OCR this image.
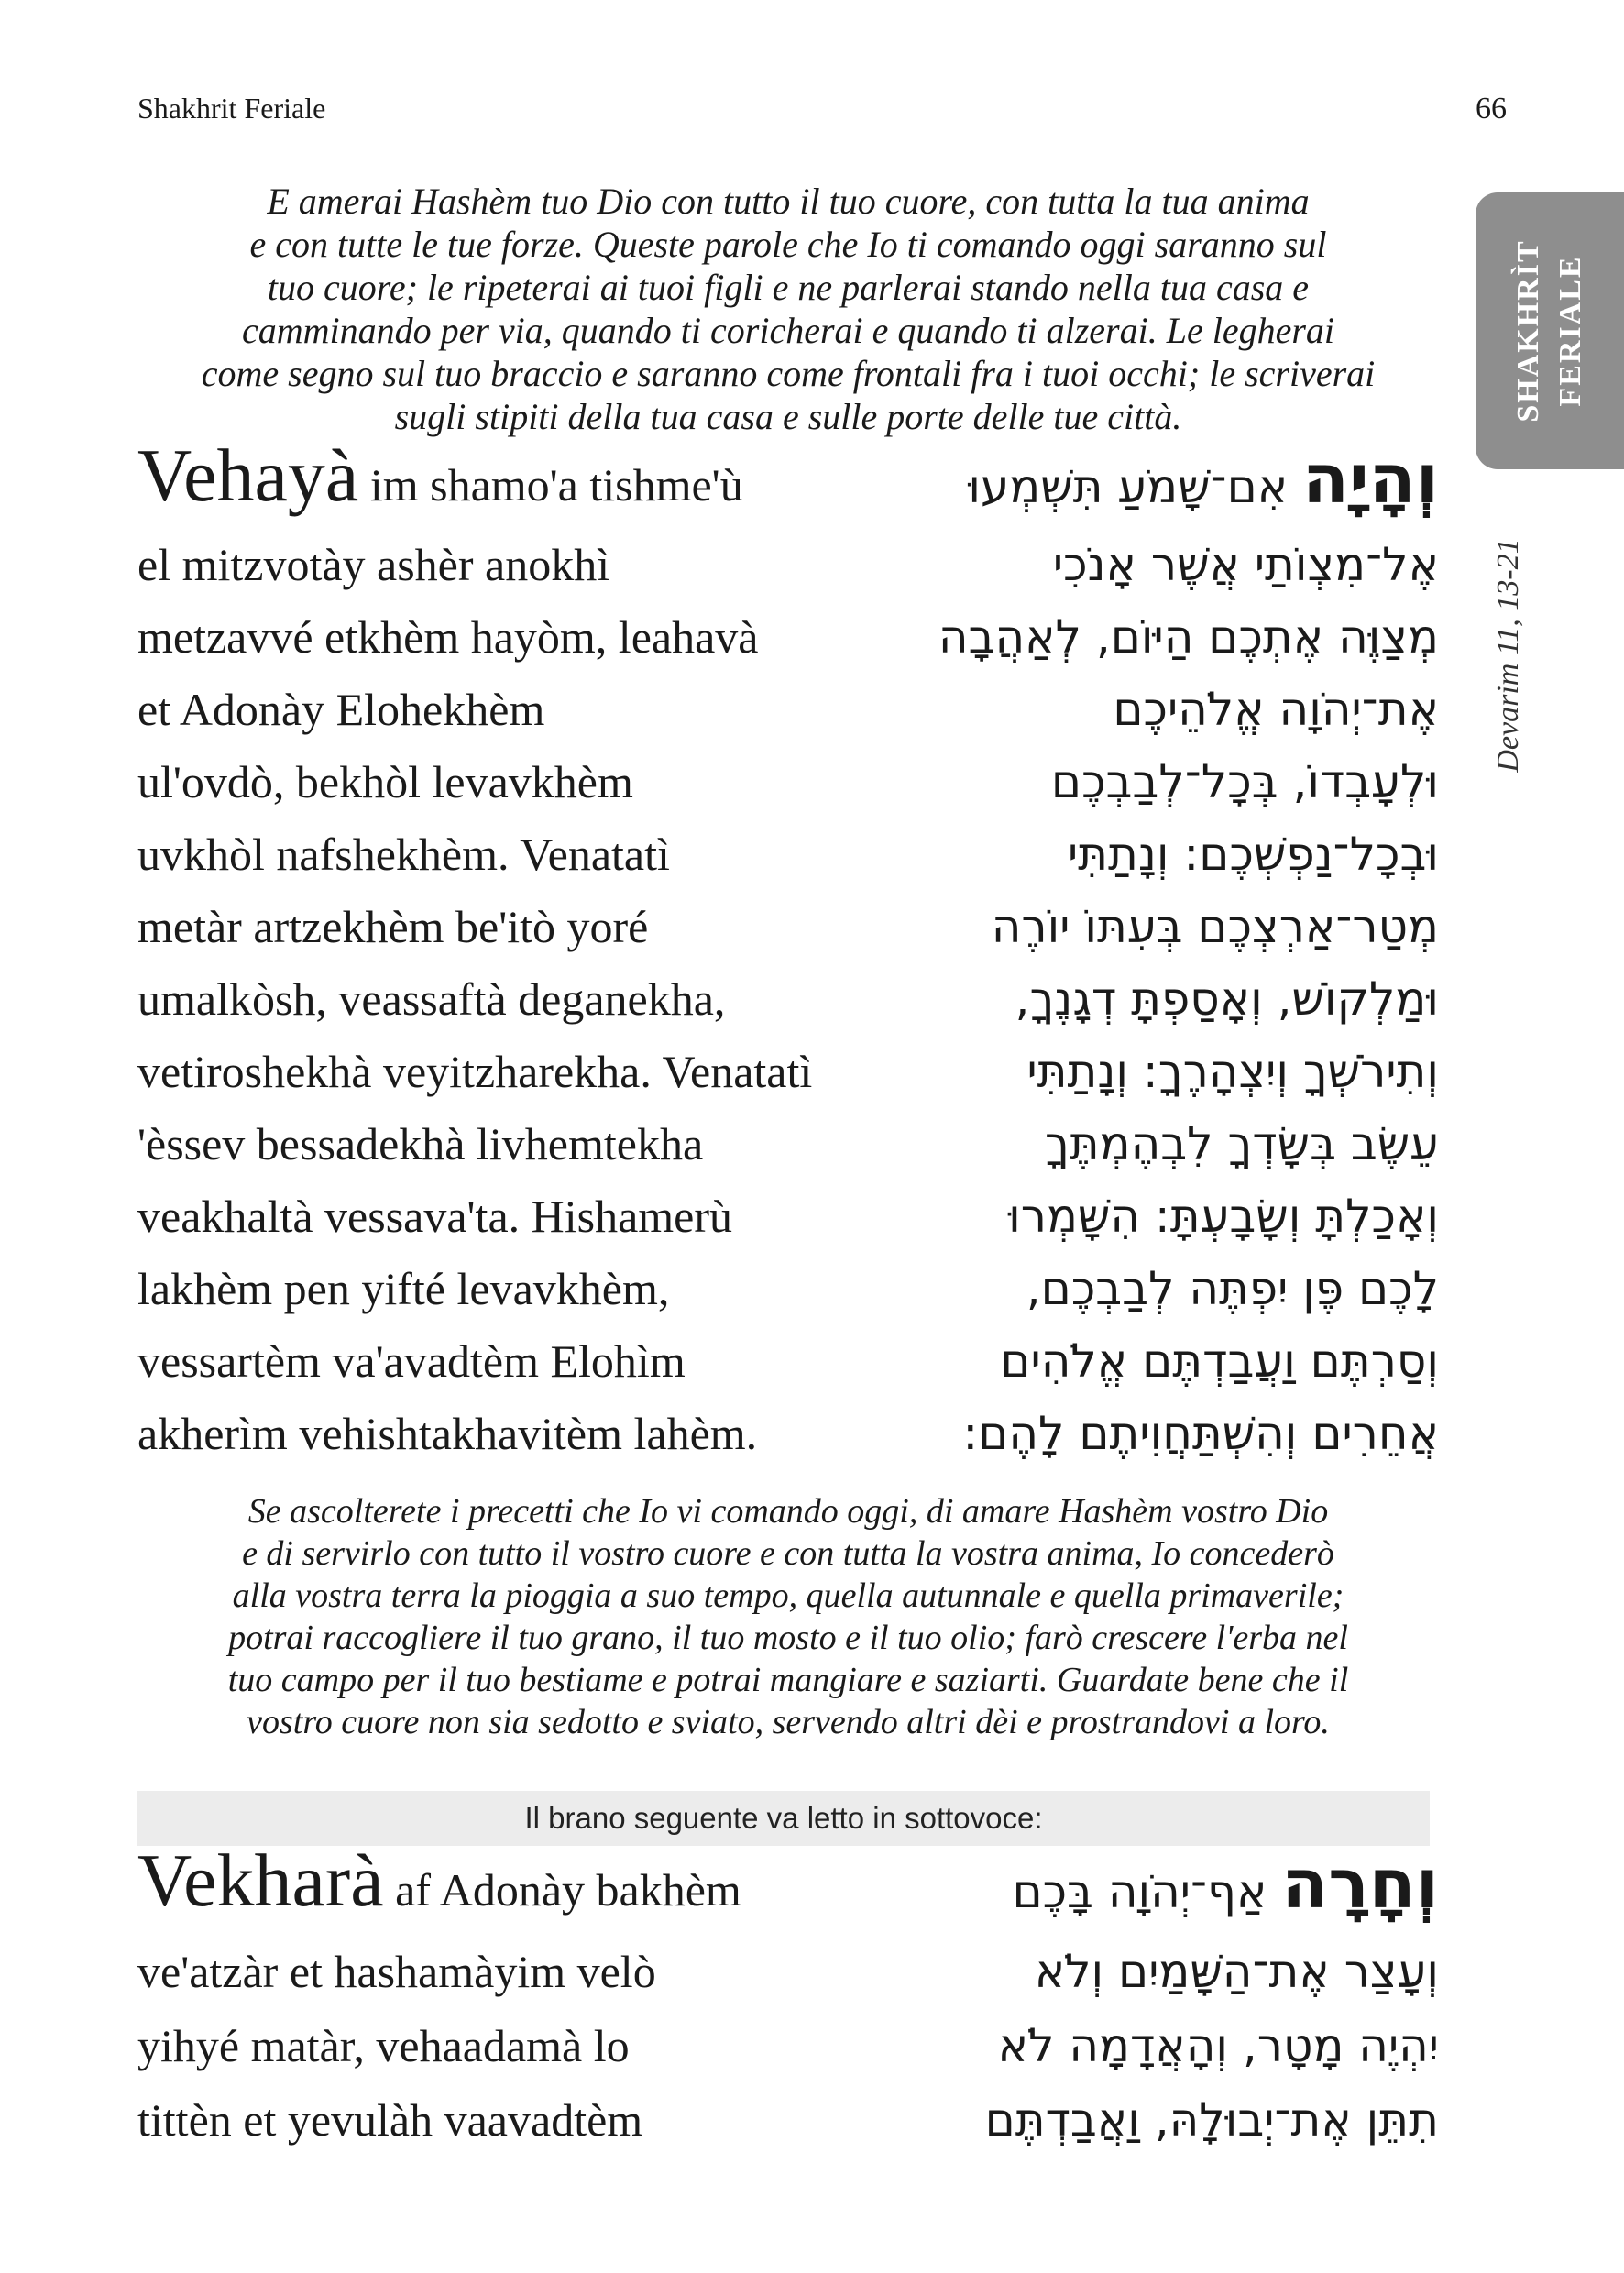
Shakhrit Feriale	66
SHAKHRÌT FERIALE
Devarim 11, 13-21
E amerai Hashèm tuo Dio con tutto il tuo cuore, con tutta la tua anima
e con tutte le tue forze. Queste parole che Io ti comando oggi saranno sul
tuo cuore; le ripeterai ai tuoi figli e ne parlerai stando nella tua casa e
camminando per via, quando ti coricherai e quando ti alzerai. Le legherai
come segno sul tuo braccio e saranno come frontali fra i tuoi occhi; le scriverai
sugli stipiti della tua casa e sulle porte delle tue città.
Vehayà im shamo'a tishme'ù	וְהָיָה אִם־שָׁמֹעַ תִּשְׁמְעוּ
el mitzvotày ashèr anokhì	אֶל־מִצְוֹתַי אֲשֶׁר אָנֹכִי
metzavvé etkhèm hayòm, leahavà	מְצַוֶּה אֶתְכֶם הַיּוֹם, לְאַהֲבָה
et Adonày Elohekhèm	אֶת־יְהֹוָה אֱלֹהֵיכֶם
ul'ovdò, bekhòl levavkhèm	וּלְעָבְדוֹ, בְּכָל־לְבַבְכֶם
uvkhòl nafshekhèm. Venatatì	וּבְכָל־נַפְשְׁכֶם: וְנָתַתִּי
metàr artzekhèm be'itò yoré	מְטַר־אַרְצְכֶם בְּעִתּוֹ יוֹרֶה
umalkòsh, veassaftà deganekha,	וּמַלְקוֹשׁ, וְאָסַפְתָּ דְגָנֶךָ,
vetiroshekhà veyitzharekha. Venatatì	וְתִירֹשְׁךָ וְיִצְהָרֶךָ: וְנָתַתִּי
'èssev bessadekhà livhemtekha	עֵשֶׂב בְּשָׂדְךָ לִבְהֶמְתֶּךָ
veakhaltà vessava'ta. Hishamerù	וְאָכַלְתָּ וְשָׂבָעְתָּ: הִשָּׁמְרוּ
lakhèm pen yifté levavkhèm,	לָכֶם פֶּן יִפְתֶּה לְבַבְכֶם,
vessartèm va'avadtèm Elohìm	וְסַרְתֶּם וַעֲבַדְתֶּם אֱלֹהִים
akherìm vehishtakhavitèm lahèm.	אֲחֵרִים וְהִשְׁתַּחֲוִיתֶם לָהֶם:
Se ascolterete i precetti che Io vi comando oggi, di amare Hashèm vostro Dio
e di servirlo con tutto il vostro cuore e con tutta la vostra anima, Io concederò
alla vostra terra la pioggia a suo tempo, quella autunnale e quella primaverile;
potrai raccogliere il tuo grano, il tuo mosto e il tuo olio; farò crescere l'erba nel
tuo campo per il tuo bestiame e potrai mangiare e saziarti. Guardate bene che il
vostro cuore non sia sedotto e sviato, servendo altri dèi e prostrandovi a loro.
Il brano seguente va letto in sottovoce:
Vekharà af Adonày bakhèm	וְחָרָה אַף־יְהֹוָה בָּכֶם
ve'atzàr et hashamàyim velò	וְעָצַר אֶת־הַשָּׁמַיִם וְלֹא
yihyé matàr, vehaadamà lo	יִהְיֶה מָטָר, וְהָאֲדָמָה לֹא
tittèn et yevulàh vaavadtèm	תִתֵּן אֶת־יְבוּלָהּ, וַאֲבַדְתֶּם
